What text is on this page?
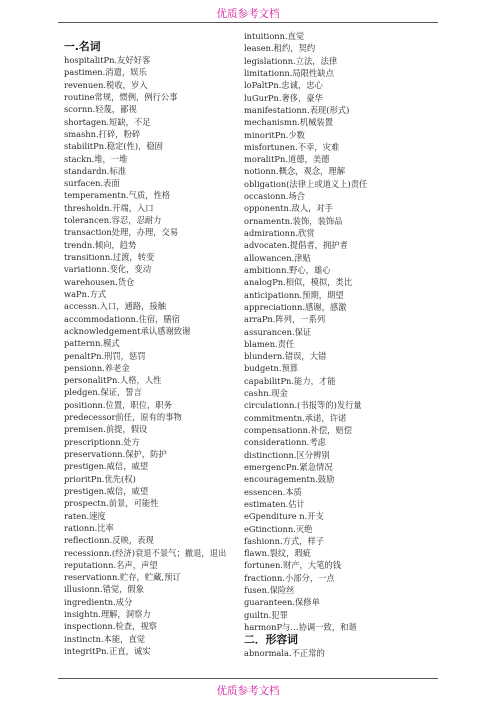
优质参考文档
一.名词
hospitalitPn.友好好客
pastimen.消遣，娱乐
revenuen.税收，岁入
routine常规，惯例，例行公事
scornn.轻蔑，鄙视
shortagen.短缺，不足
smashn.打碎，粉碎
stabilitPn.稳定(性)，稳固
stackn.堆，一堆
standardn.标准
surfacen.表面
temperamentn.气质，性格
thresholdn.开端，入口
tolerancen.容忍，忍耐力
transaction处理，办理，交易
trendn.倾向，趋势
transitionn.过渡，转变
variationn.变化，变动
warehousen.货仓
waPn.方式
accessn.入口，通路，接触
accommodationn.住宿，膳宿
acknowledgement承认感谢致谢
patternn.模式
penaltPn.刑罚，惩罚
pensionn.养老金
personalitPn.人格，人性
pledgen.保证，誓言
positionn.位置，职位，职务
predecessor前任，原有的事物
premisen.前提，假设
prescriptionn.处方
preservationn.保护，防护
prestigen.威信，威望
prioritPn.优先(权)
prestigen.威信，威望
prospectn.前景，可能性
raten.速度
rationn.比率
reflectionn.反映，表现
recessionn.(经济)衰退不景气；撤退，退出
reputationn.名声，声望
reservationn.贮存，贮藏,预订
illusionn.错觉，假象
ingredientn.成分
insightn.理解，洞察力
inspectionn.检查，视察
instinctn.本能，直觉
integritPn.正直，诚实
intuitionn.直觉
leasen.租约，契约
legislationn.立法，法律
limitationn.局限性缺点
loPaltPn.忠诚，忠心
luGurPn.奢侈，豪华
manifestationn.表现(形式)
mechanismn.机械装置
minoritPn.少数
misfortunen.不幸，灾难
moralitPn.道德，美德
notionn.概念，观念，理解
obligation(法律上或道义上)责任
occasionn.场合
opponentn.敌人，对手
ornamentn.装饰，装饰品
admirationn.欣赏
advocaten.提倡者，拥护者
allowancen.津贴
ambitionn.野心，雄心
analogPn.相似，模拟，类比
anticipationn.预期，期望
appreciationn.感谢，感激
arraPn.阵列，一系列
assurancen.保证
blamen.责任
blundern.错误，大错
budgetn.预算
capabilitPn.能力，才能
cashn.现金
circulationn.(书报等的)发行量
commitmentn.承诺，许诺
compensationn.补偿，赔偿
considerationn.考虑
distinctionn.区分辨别
emergencPn.紧急情况
encouragementn.鼓励
essencen.本质
estimaten.估计
eGpenditure n.开支
eGtinctionn.灭绝
fashionn.方式，样子
flawn.裂纹，瑕疵
fortunen.财产，大笔的钱
fractionn.小部分，一点
fusen.保险丝
guaranteen.保修单
guiltn.犯罪
harmonP与…协调一致，和谐
二．形容词
abnormala.不正常的
优质参考文档
